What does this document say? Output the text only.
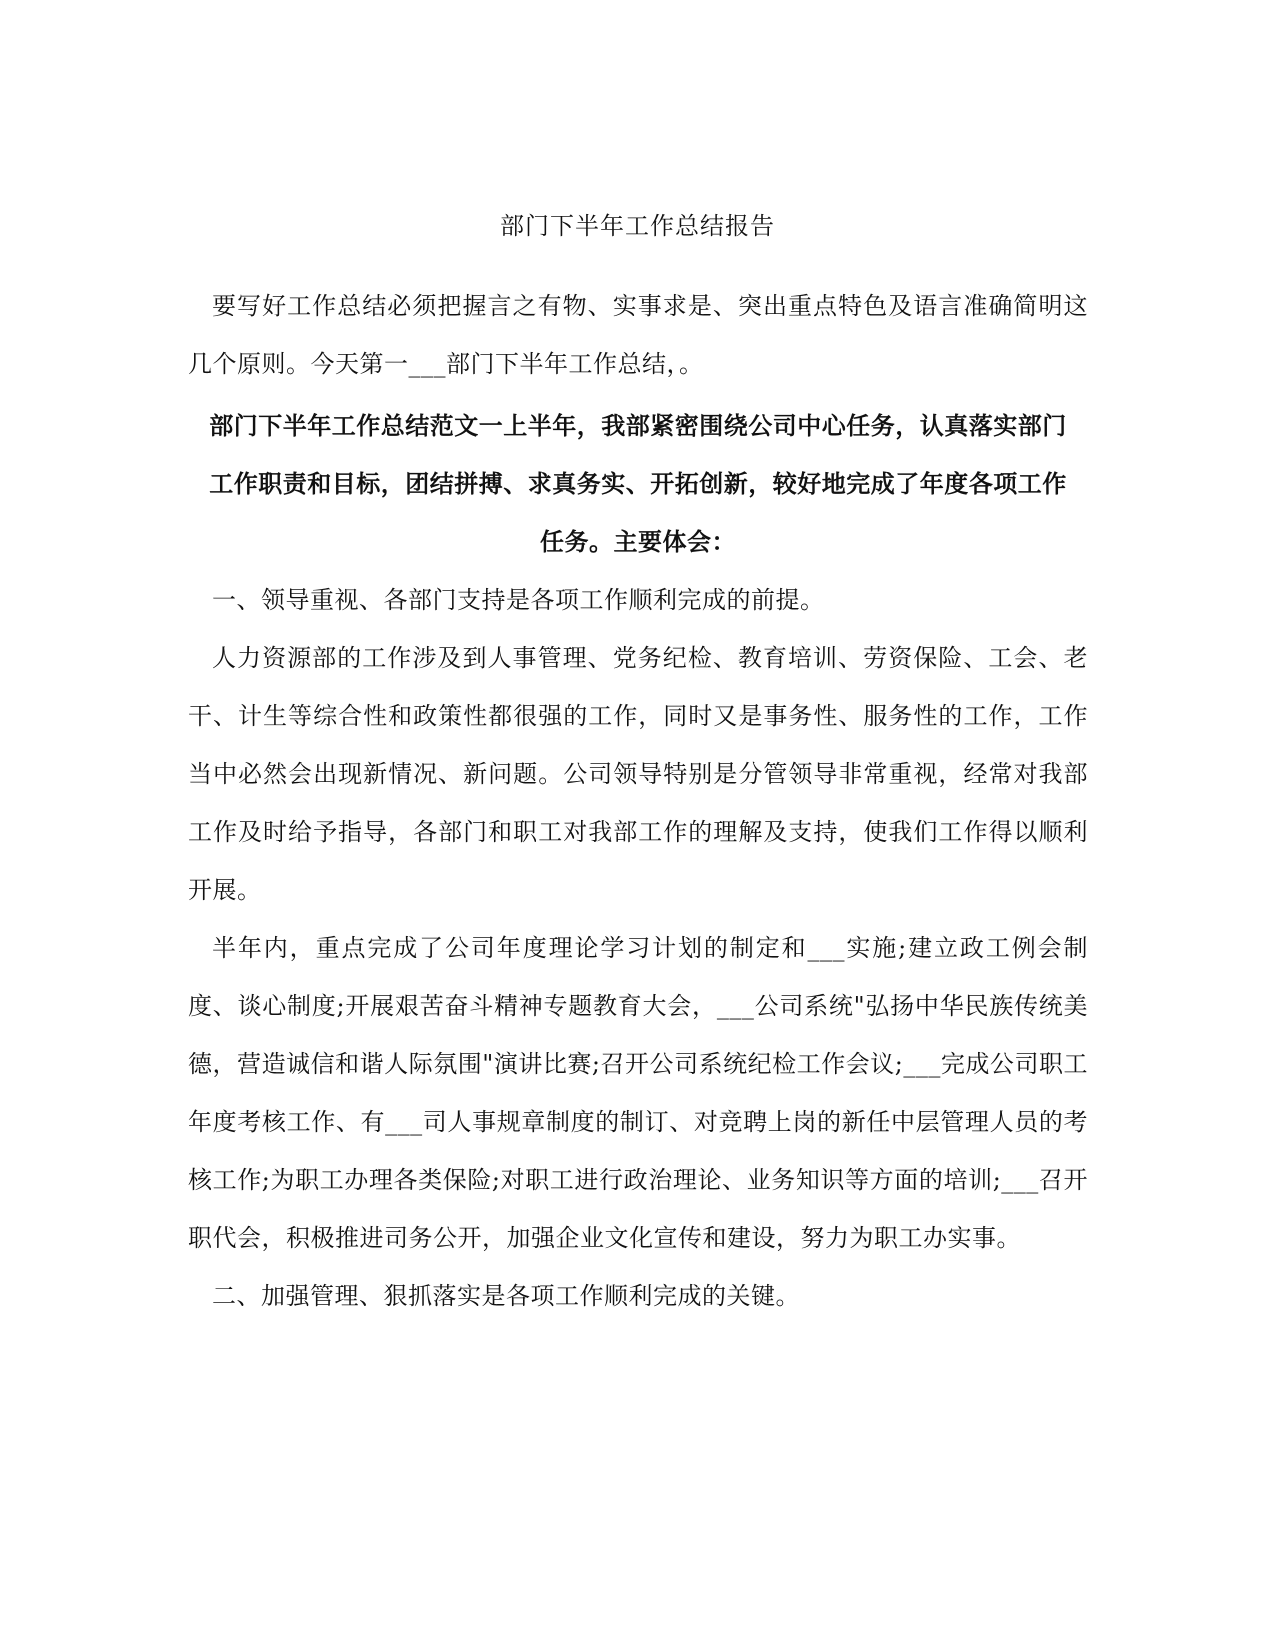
部门下半年工作总结报告

要写好工作总结必须把握言之有物、实事求是、突出重点特色及语言准确简明这几个原则。今天第一___部门下半年工作总结，。

部门下半年工作总结范文一上半年，我部紧密围绕公司中心任务，认真落实部门工作职责和目标，团结拼搏、求真务实、开拓创新，较好地完成了年度各项工作任务。主要体会：

一、领导重视、各部门支持是各项工作顺利完成的前提。

人力资源部的工作涉及到人事管理、党务纪检、教育培训、劳资保险、工会、老干、计生等综合性和政策性都很强的工作，同时又是事务性、服务性的工作，工作当中必然会出现新情况、新问题。公司领导特别是分管领导非常重视，经常对我部工作及时给予指导，各部门和职工对我部工作的理解及支持，使我们工作得以顺利开展。

半年内，重点完成了公司年度理论学习计划的制定和___实施;建立政工例会制度、谈心制度;开展艰苦奋斗精神专题教育大会，___公司系统"弘扬中华民族传统美德，营造诚信和谐人际氛围"演讲比赛;召开公司系统纪检工作会议;___完成公司职工年度考核工作、有___司人事规章制度的制订、对竞聘上岗的新任中层管理人员的考核工作;为职工办理各类保险;对职工进行政治理论、业务知识等方面的培训;___召开职代会，积极推进司务公开，加强企业文化宣传和建设，努力为职工办实事。

二、加强管理、狠抓落实是各项工作顺利完成的关键。
